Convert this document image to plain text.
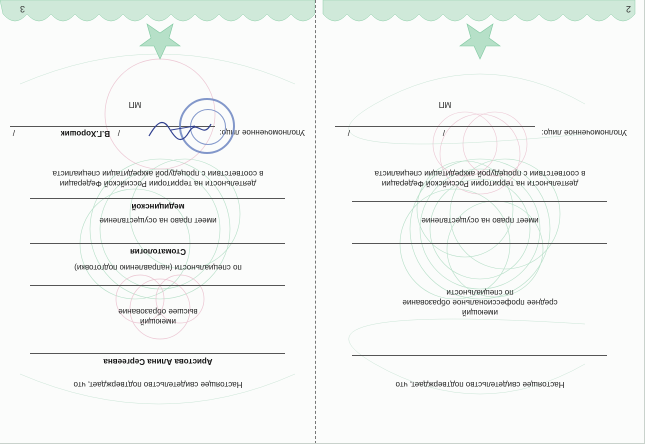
2
Настоящее свидетельство подтверждает, что
имеющий
среднее профессиональное образование
по специальности
имеет право на осуществление
деятельности на территории Российской Федерации
в соответствии с процедурой аккредитации специалиста
Уполномоченное лицо:
/
/
МП
3
Настоящее свидетельство подтверждает, что
Аристова Алина Сергеевна
имеющий
высшее образование
по специальности (направлению подготовки)
Стоматология
имеет право на осуществление
медицинской
деятельности на территории Российской Федерации
в соответствии с процедурой аккредитации специалиста
Уполномоченное лицо:
/
В.Г.Хорошик
/
МП
